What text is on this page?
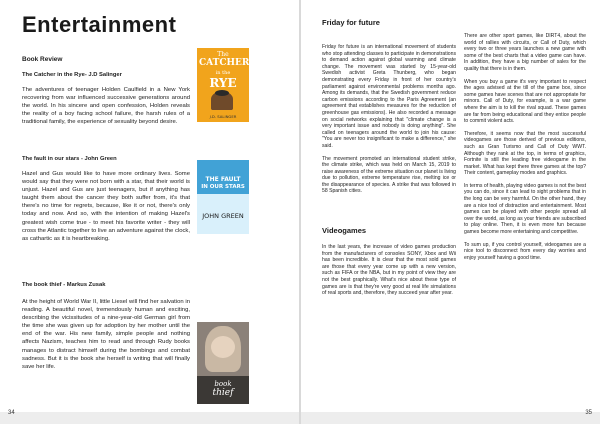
Entertainment
Book Review
The Catcher in the Rye- J.D Salinger
The adventures of teenager Holden Caulfield in a New York recovering from war influenced successive generations around the world. In his sincere and open confession, Holden reveals the reality of a boy facing school failure, the harsh rules of a traditional family, the experience of sexuality beyond desire.
The
CATCHER
in the
RYE
J.D. SALINGER
The fault in our stars - John Green
Hazel and Gus would like to have more ordinary lives. Some would say that they were not born with a star, that their world is unjust. Hazel and Gus are just teenagers, but if anything has taught them about the cancer they both suffer from, it's that there's no time for regrets, because, like it or not, there's only today and now. And so, with the intention of making Hazel's greatest wish come true - to meet his favorite writer - they will cross the Atlantic together to live an adventure against the clock, as cathartic as it is heartbreaking.
THE FAULT
IN OUR STARS
JOHN GREEN
The book thief - Markus Zusak
At the height of World War II, little Liesel will find her salvation in reading. A beautiful novel, tremendously human and exciting, describing the vicissitudes of a nine-year-old German girl from the time she was given up for adoption by her mother until the end of the war. His new family, simple people and nothing affects Nazism, teaches him to read and through Rudy books manages to distract himself during the bombings and combat sadness. But it is the book she herself is writing that will finally save her life.
book
thief
34
Friday for future

Friday for future is an international movement of students who stop attending classes to participate in demonstrations to demand action against global warming and climate change. The movement was started by 15-year-old Swedish activist Greta Thunberg, who began demonstrating every Friday in front of her country's parliament against environmental problems months ago. Among its demands, that the Swedish government reduce carbon emissions according to the Paris Agreement (an agreement that establishes measures for the reduction of greenhouse gas emissions). He also recorded a message on social networks explaining that "climate change is a very important issue and nobody is doing anything". She called on teenagers around the world to join his cause: "You are never too insignificant to make a difference," she said.

The movement promoted an international student strike, the climate strike, which was held on March 15, 2019 to raise awareness of the extreme situation our planet is living due to pollution, extreme temperature rise, melting ice or the disappearance of species. A strike that was followed in 58 Spanish cities.

Videogames

In the last years, the increase of video games production from the manufacturers of consoles SONY, Xbox and Wii has been incredible. It is clear that the most sold games are those that every year come up with a new version, such as FIFA or the NBA, but in my point of view they are not the best graphically. What's nice about these type of games are is that they're very good at real life simulations of real sports and, therefore, they succeed year after year.

There are other sport games, like DIRT4, about the world of rallies with circuits, or Call of Duty, which every two or three years launches a new game with some of the best charts that a video game can have. In addition, they have a big number of sales for the quality that there is in them.

When you buy a game it's very important to respect the ages advised at the till of the game box, since some games have scenes that are not appropriate for minors. Call of Duty, for example, is a war game where the aim is to kill the rival squad. These games are far from being educational and they entice people to commit violent acts.

Therefore, it seems now that the most successful videogames are those derived of previous editions, such as Gran Turismo and Call of Duty WWT. Although they rank at the top, in terms of graphics, Fortnite is still the leading free videogame in the market. What has kept there three games at the top? Their content, gameplay modes and graphics.

In terms of health, playing video games is not the best you can do, since it can lead to sight problems that in the long can be very harmful. On the other hand, they are a nice tool of distraction and entertainment. Most games can be played with other people spread all over the world, as long as your friends are subscribed to play online. Then, it is even more fun because games become more entertaining and competitive.

To sum up, if you control yourself, videogames are a nice tool to disconnect from every day worries and enjoy yourself having a good time.

35
